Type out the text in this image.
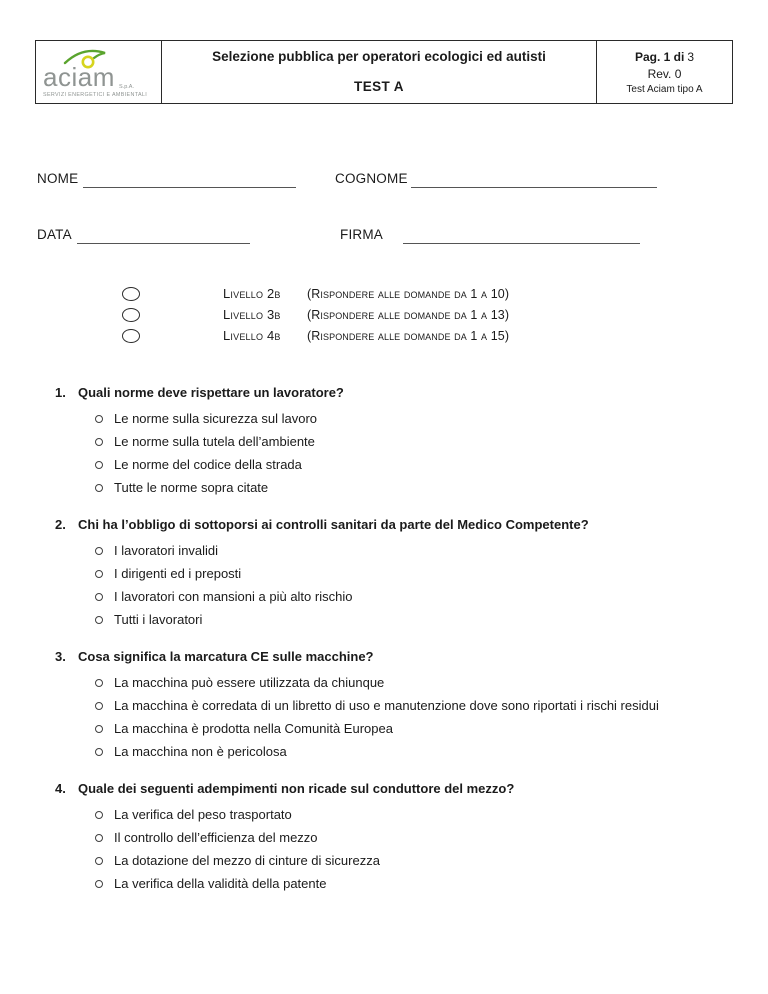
aciam S.p.A.
SERVIZI ENERGETICI E AMBIENTALI
Selezione pubblica per operatori ecologici ed autisti
TEST A
Pag. 1 di 3
Rev. 0
Test Aciam tipo A
NOME	COGNOME
DATA	FIRMA
Livello 2b (Rispondere alle domande da 1 a 10)
Livello 3b (Rispondere alle domande da 1 a 13)
Livello 4b (Rispondere alle domande da 1 a 15)
1. Quali norme deve rispettare un lavoratore?
Le norme sulla sicurezza sul lavoro
Le norme sulla tutela dell’ambiente
Le norme del codice della strada
Tutte le norme sopra citate
2. Chi ha l’obbligo di sottoporsi ai controlli sanitari da parte del Medico Competente?
I lavoratori invalidi
I dirigenti ed i preposti
I lavoratori con mansioni a più alto rischio
Tutti i lavoratori
3. Cosa significa la marcatura CE sulle macchine?
La macchina può essere utilizzata da chiunque
La macchina è corredata di un libretto di uso e manutenzione dove sono riportati i rischi residui
La macchina è prodotta nella Comunità Europea
La macchina non è pericolosa
4. Quale dei seguenti adempimenti non ricade sul conduttore del mezzo?
La verifica del peso trasportato
Il controllo dell’efficienza del mezzo
La dotazione del mezzo di cinture di sicurezza
La verifica della validità della patente
